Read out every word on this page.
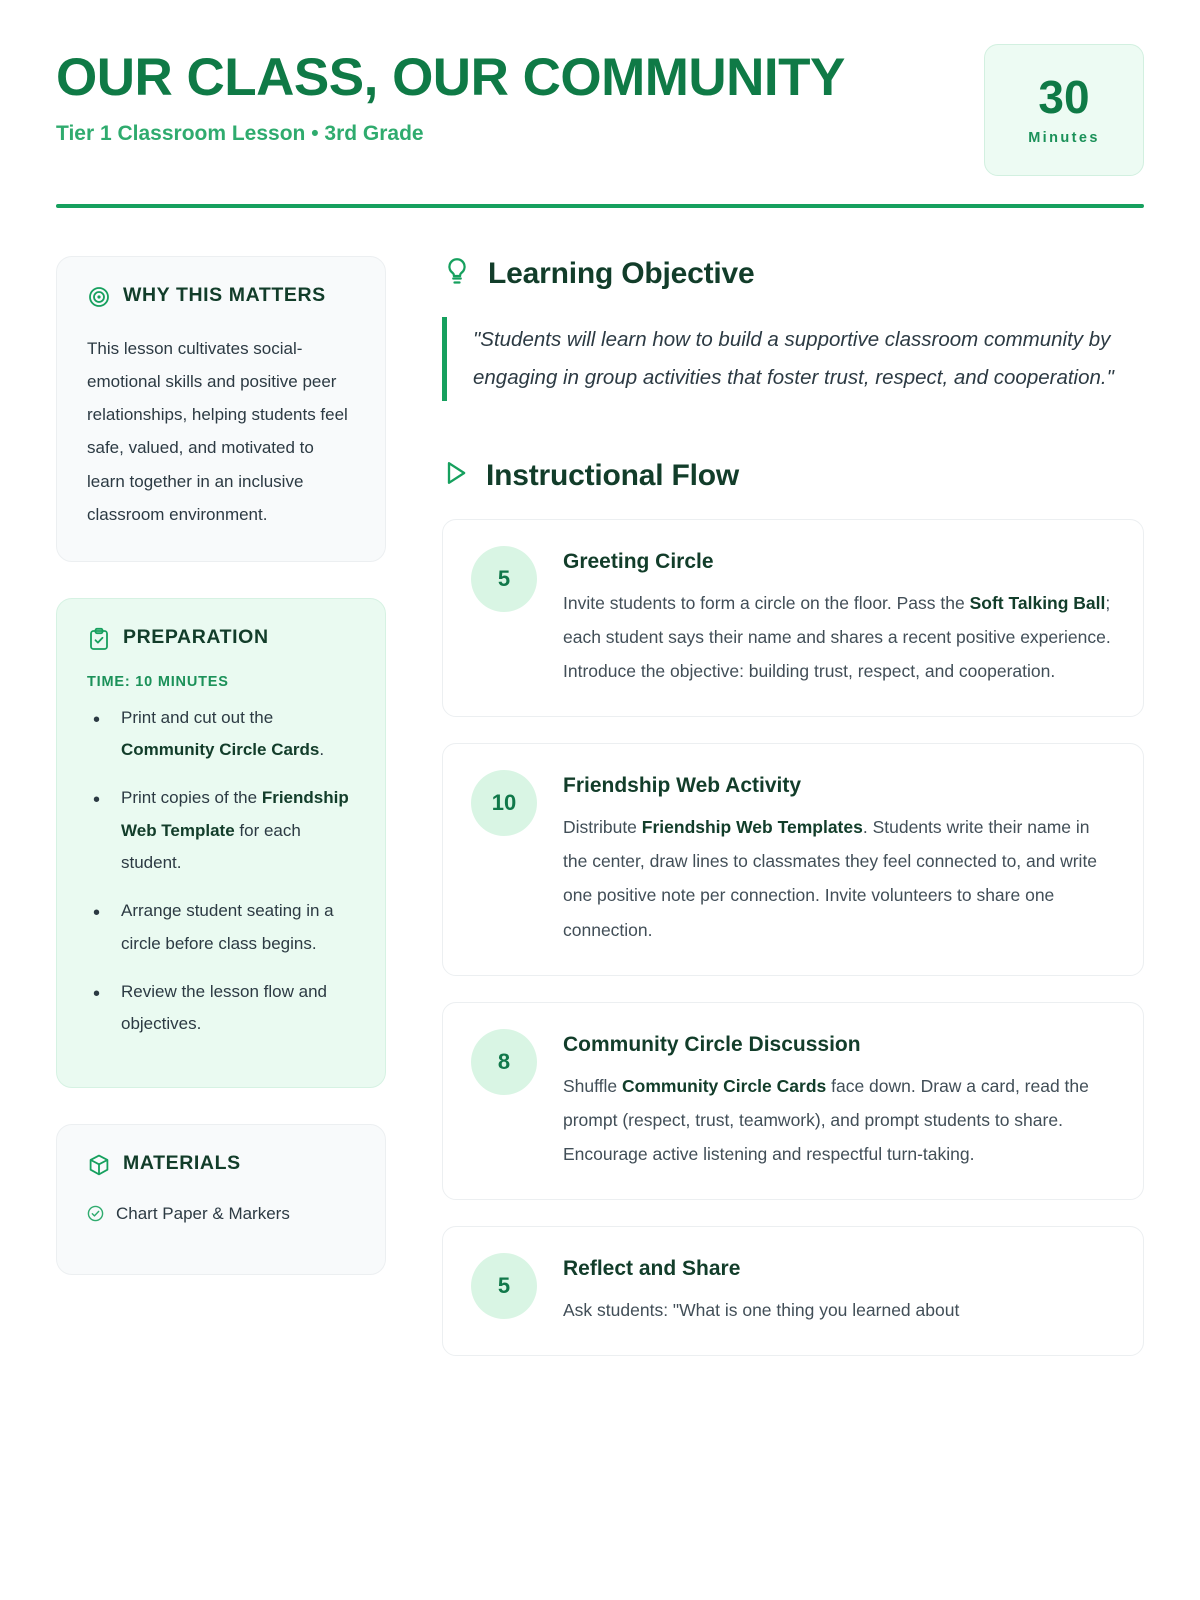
OUR CLASS, OUR COMMUNITY
Tier 1 Classroom Lesson • 3rd Grade
30
Minutes
WHY THIS MATTERS
This lesson cultivates social-emotional skills and positive peer relationships, helping students feel safe, valued, and motivated to learn together in an inclusive classroom environment.
PREPARATION
TIME: 10 MINUTES
• Print and cut out the Community Circle Cards.
• Print copies of the Friendship Web Template for each student.
• Arrange student seating in a circle before class begins.
• Review the lesson flow and objectives.
MATERIALS
Chart Paper & Markers
Learning Objective
"Students will learn how to build a supportive classroom community by engaging in group activities that foster trust, respect, and cooperation."
Instructional Flow
5
Greeting Circle
Invite students to form a circle on the floor. Pass the Soft Talking Ball; each student says their name and shares a recent positive experience. Introduce the objective: building trust, respect, and cooperation.
10
Friendship Web Activity
Distribute Friendship Web Templates. Students write their name in the center, draw lines to classmates they feel connected to, and write one positive note per connection. Invite volunteers to share one connection.
8
Community Circle Discussion
Shuffle Community Circle Cards face down. Draw a card, read the prompt (respect, trust, teamwork), and prompt students to share. Encourage active listening and respectful turn-taking.
5
Reflect and Share
Ask students: "What is one thing you learned about
